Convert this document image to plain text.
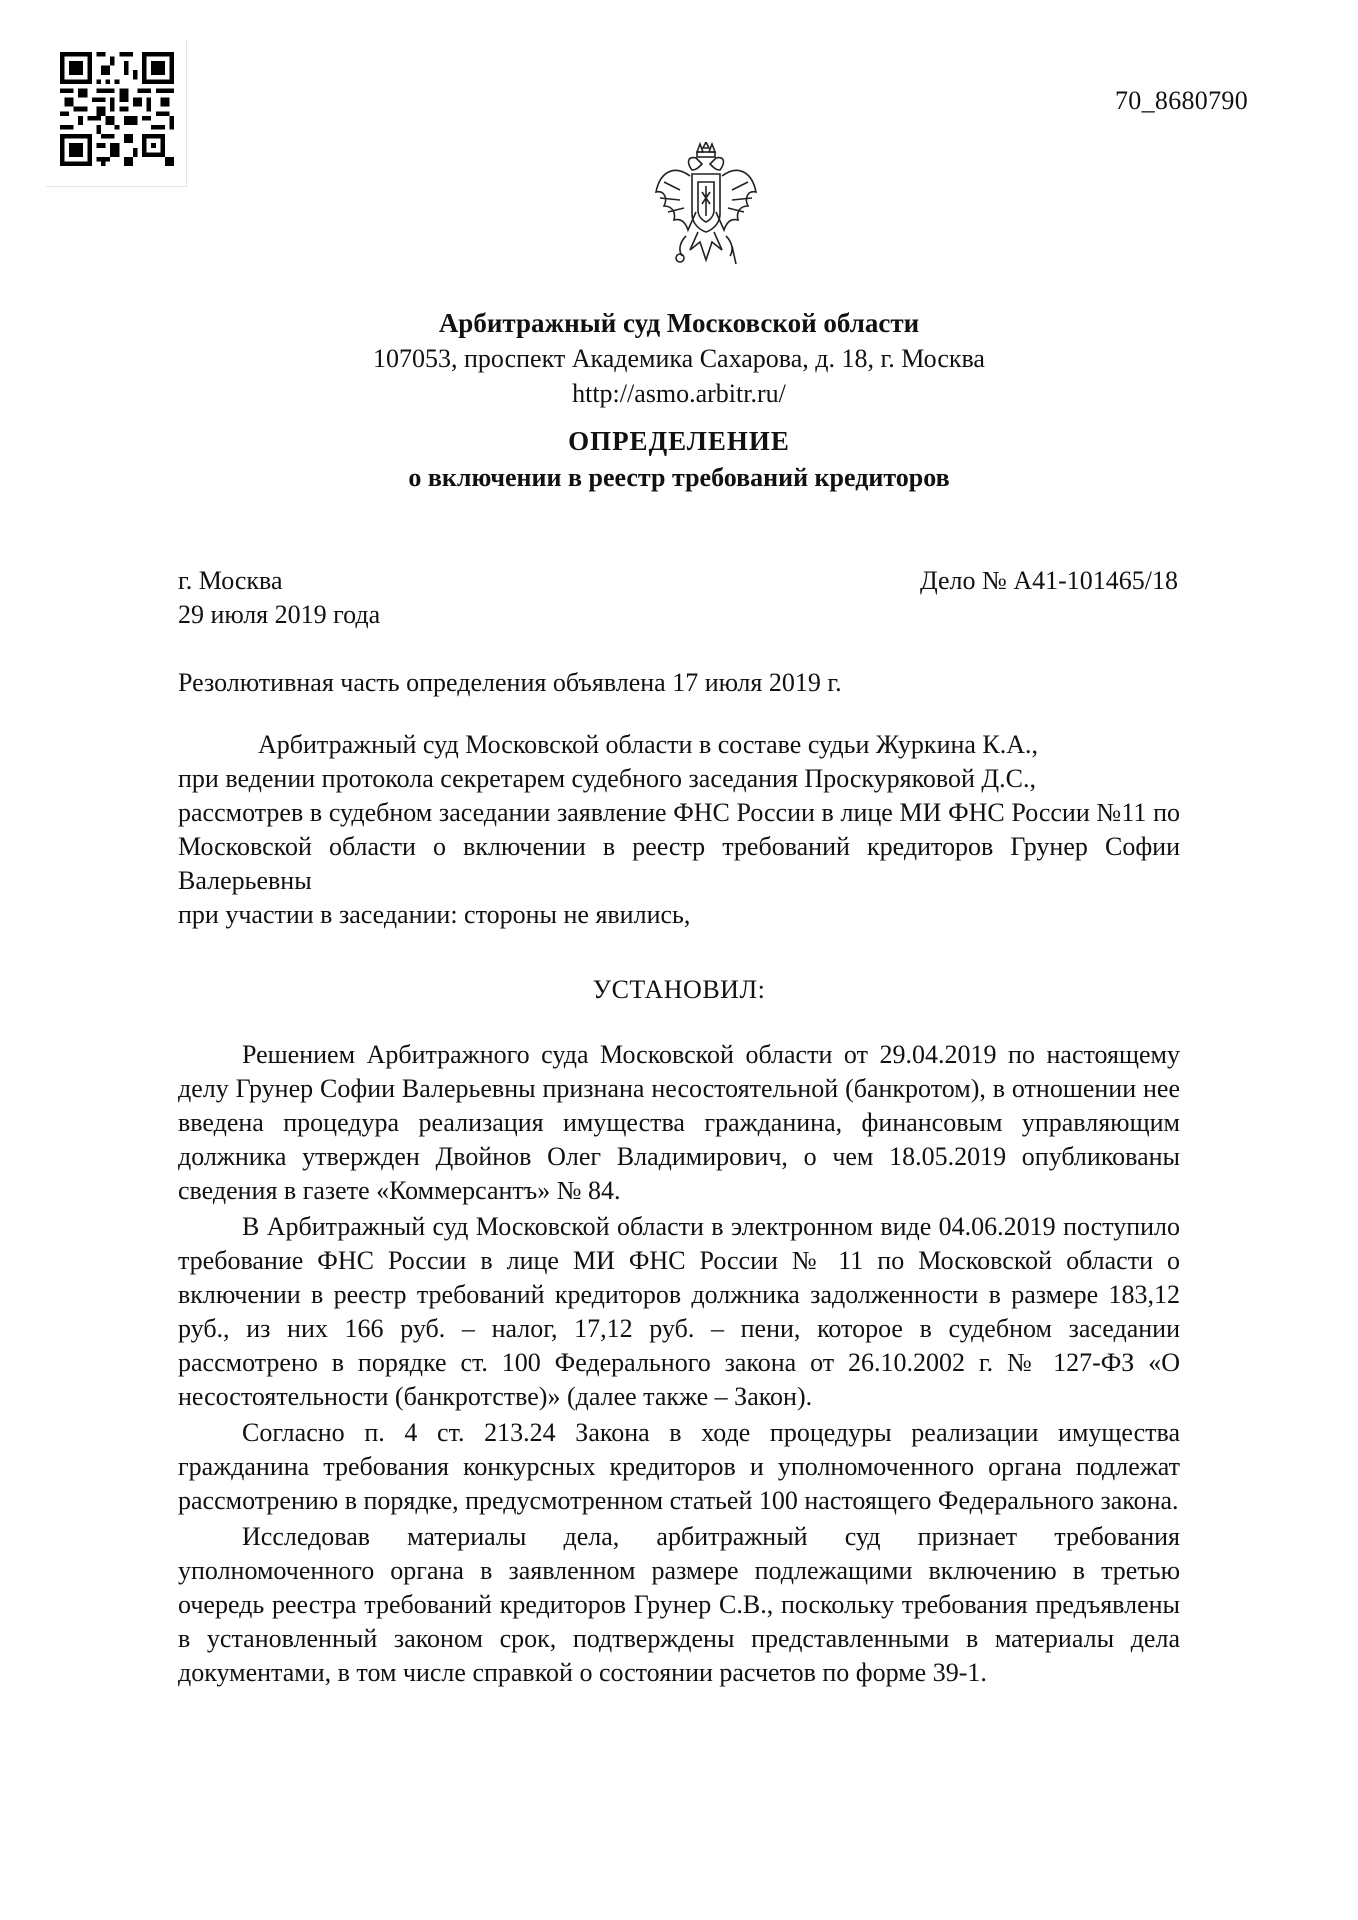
70_8680790
Арбитражный суд Московской области
107053, проспект Академика Сахарова, д. 18, г. Москва
http://asmo.arbitr.ru/
ОПРЕДЕЛЕНИЕ
о включении в реестр требований кредиторов
г. Москва	Дело № А41-101465/18
29 июля 2019 года
Резолютивная часть определения объявлена 17 июля 2019 г.

Арбитражный суд Московской области в составе судьи Журкина К.А.,

при ведении протокола секретарем судебного заседания Проскуряковой Д.С.,

рассмотрев в судебном заседании заявление ФНС России в лице МИ ФНС России №11 по Московской области о включении в реестр требований кредиторов Грунер Софии Валерьевны

при участии в заседании: стороны не явились,

УСТАНОВИЛ:

Решением Арбитражного суда Московской области от 29.04.2019 по настоящему делу Грунер Софии Валерьевны признана несостоятельной (банкротом), в отношении нее введена процедура реализация имущества гражданина, финансовым управляющим должника утвержден Двойнов Олег Владимирович, о чем 18.05.2019 опубликованы сведения в газете «Коммерсантъ» № 84.

В Арбитражный суд Московской области в электронном виде 04.06.2019 поступило требование ФНС России в лице МИ ФНС России № 11 по Московской области о включении в реестр требований кредиторов должника задолженности в размере 183,12 руб., из них 166 руб. – налог, 17,12 руб. – пени, которое в судебном заседании рассмотрено в порядке ст. 100 Федерального закона от 26.10.2002 г. № 127-ФЗ «О несостоятельности (банкротстве)» (далее также – Закон).

Согласно п. 4 ст. 213.24 Закона в ходе процедуры реализации имущества гражданина требования конкурсных кредиторов и уполномоченного органа подлежат рассмотрению в порядке, предусмотренном статьей 100 настоящего Федерального закона.

Исследовав материалы дела, арбитражный суд признает требования уполномоченного органа в заявленном размере подлежащими включению в третью очередь реестра требований кредиторов Грунер С.В., поскольку требования предъявлены в установленный законом срок, подтверждены представленными в материалы дела документами, в том числе справкой о состоянии расчетов по форме 39-1.
